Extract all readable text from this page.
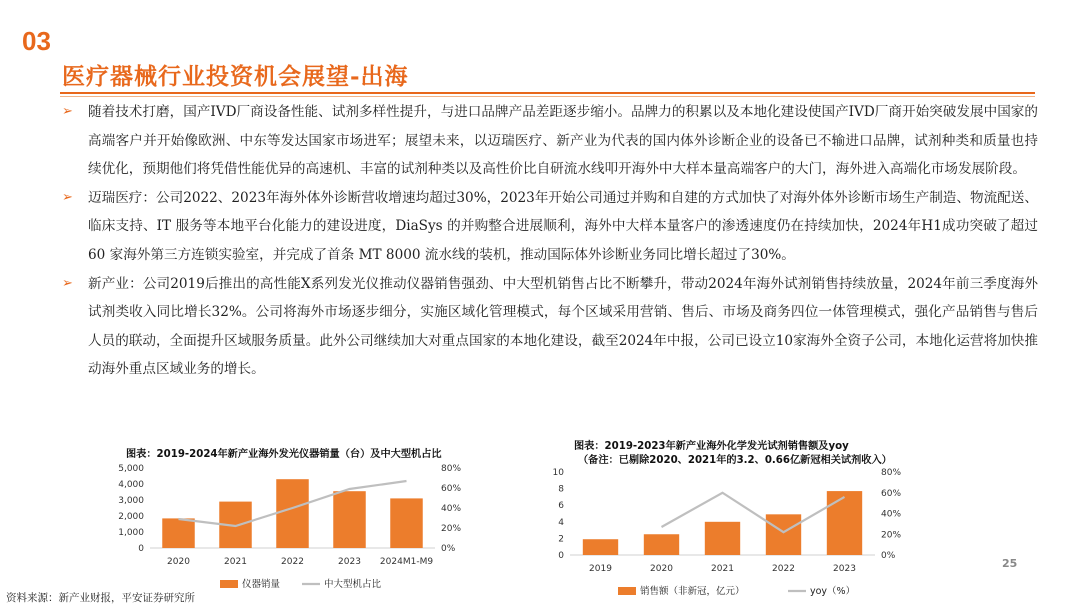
03
医疗器械行业投资机会展望-出海

➢ 随着技术打磨，国产IVD厂商设备性能、试剂多样性提升，与进口品牌产品差距逐步缩小。品牌力的积累以及本地化建设使国产IVD厂商开始突破发展中国家的高端客户并开始像欧洲、中东等发达国家市场进军；展望未来，以迈瑞医疗、新产业为代表的国内体外诊断企业的设备已不输进口品牌，试剂种类和质量也持续优化，预期他们将凭借性能优异的高速机、丰富的试剂种类以及高性价比自研流水线叩开海外中大样本量高端客户的大门，海外进入高端化市场发展阶段。

➢ 迈瑞医疗：公司2022、2023年海外体外诊断营收增速均超过30%，2023年开始公司通过并购和自建的方式加快了对海外体外诊断市场生产制造、物流配送、临床支持、IT 服务等本地平台化能力的建设进度，DiaSys 的并购整合进展顺利，海外中大样本量客户的渗透速度仍在持续加快，2024年H1成功突破了超过 60 家海外第三方连锁实验室，并完成了首条 MT 8000 流水线的装机，推动国际体外诊断业务同比增长超过了30%。

➢ 新产业：公司2019后推出的高性能X系列发光仪推动仪器销售强劲、中大型机销售占比不断攀升，带动2024年海外试剂销售持续放量，2024年前三季度海外试剂类收入同比增长32%。公司将海外市场逐步细分，实施区域化管理模式，每个区域采用营销、售后、市场及商务四位一体管理模式，强化产品销售与售后人员的联动，全面提升区域服务质量。此外公司继续加大对重点国家的本地化建设，截至2024年中报，公司已设立10家海外全资子公司，本地化运营将加快推动海外重点区域业务的增长。

图表：2019-2024年新产业海外发光仪器销量（台）及中大型机占比
0
1,000
2,000
3,000
4,000
5,000
0%
20%
40%
60%
80%
2020	2021	2022	2023 2024M1-M9
仪器销量	中大型机占比
图表：2019-2023年新产业海外化学发光试剂销售额及yoy
（备注：已剔除2020、2021年的3.2、0.66亿新冠相关试剂收入）
0
2
4
6
8
10
0%
20%
40%
60%
80%
2019	2020	2021	2022	2023
销售额（非新冠，亿元）	yoy（%）
资料来源：新产业财报，平安证券研究所
25
